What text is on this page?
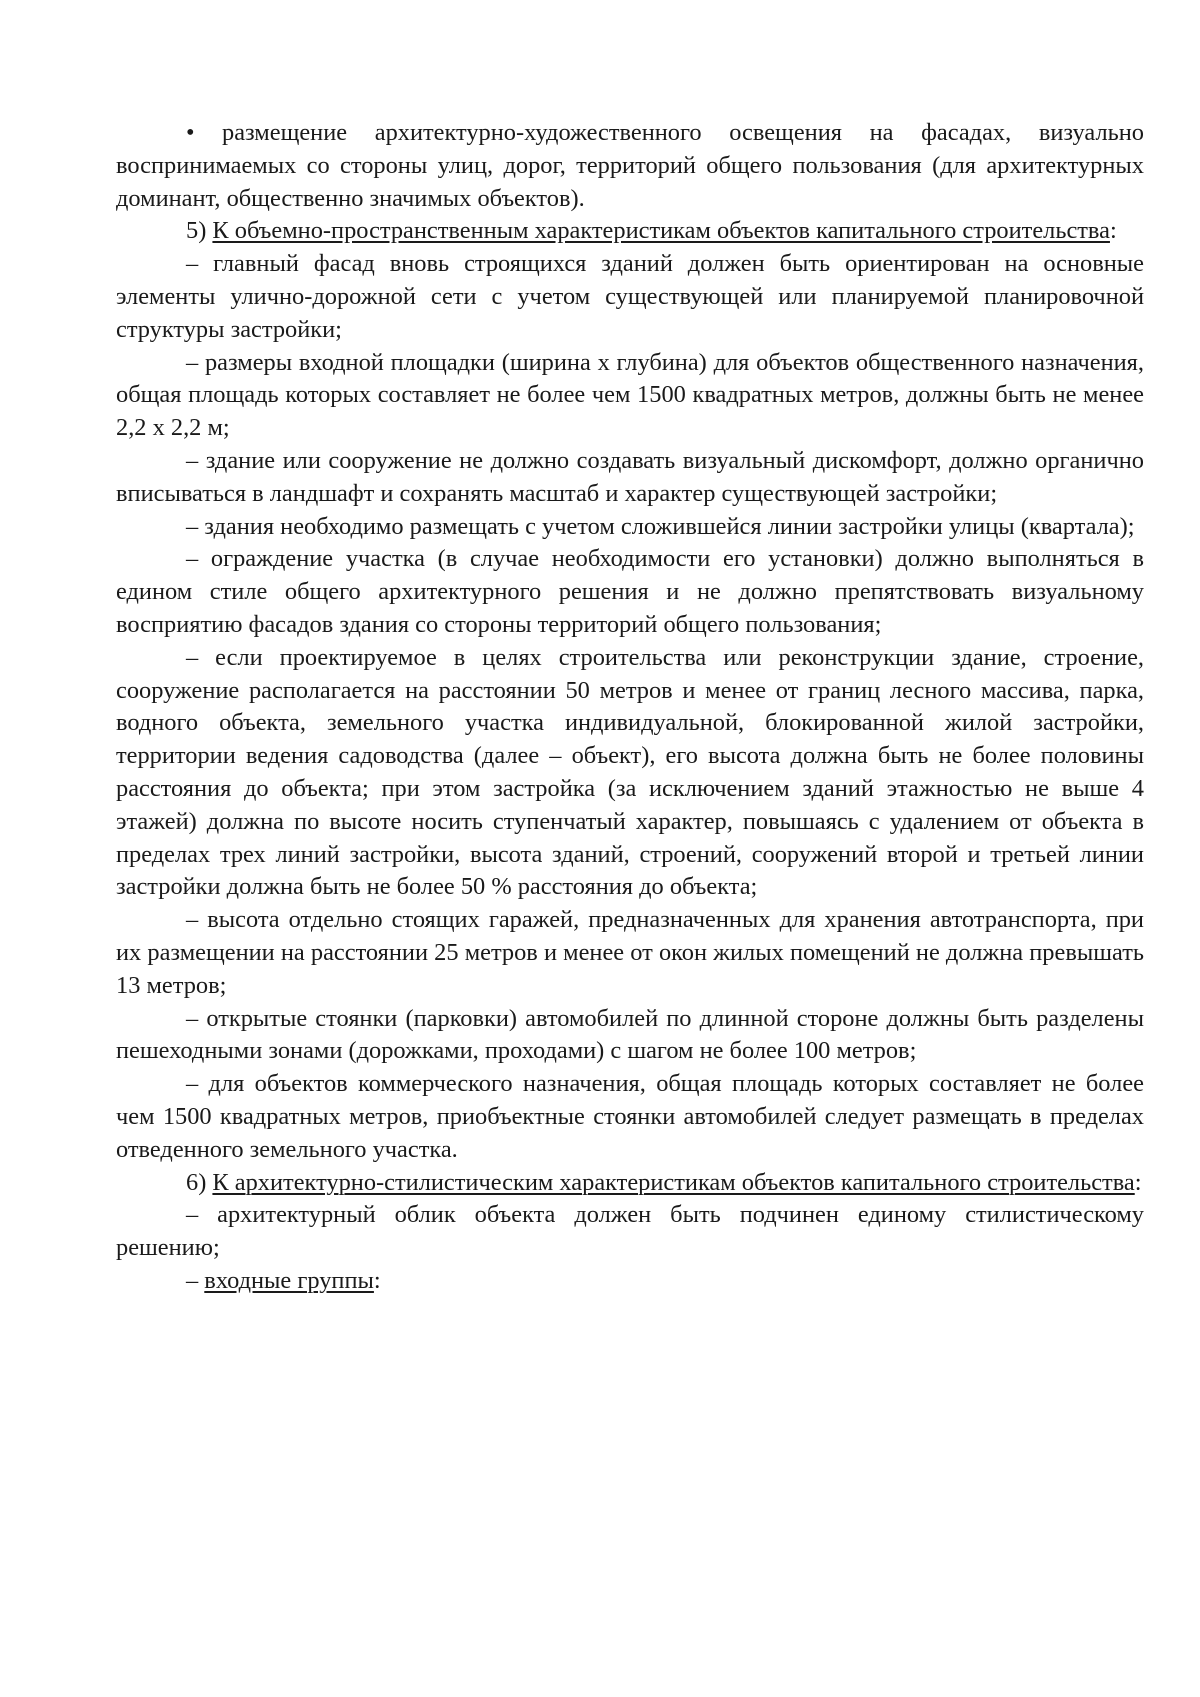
• размещение архитектурно-художественного освещения на фасадах, визуально воспринимаемых со стороны улиц, дорог, территорий общего пользования (для архитектурных доминант, общественно значимых объектов).

5) К объемно-пространственным характеристикам объектов капитального строительства:

– главный фасад вновь строящихся зданий должен быть ориентирован на основные элементы улично-дорожной сети с учетом существующей или планируемой планировочной структуры застройки;

– размеры входной площадки (ширина х глубина) для объектов общественного назначения, общая площадь которых составляет не более чем 1500 квадратных метров, должны быть не менее 2,2 х 2,2 м;

– здание или сооружение не должно создавать визуальный дискомфорт, должно органично вписываться в ландшафт и сохранять масштаб и характер существующей застройки;

– здания необходимо размещать с учетом сложившейся линии застройки улицы (квартала);

– ограждение участка (в случае необходимости его установки) должно выполняться в едином стиле общего архитектурного решения и не должно препятствовать визуальному восприятию фасадов здания со стороны территорий общего пользования;

– если проектируемое в целях строительства или реконструкции здание, строение, сооружение располагается на расстоянии 50 метров и менее от границ лесного массива, парка, водного объекта, земельного участка индивидуальной, блокированной жилой застройки, территории ведения садоводства (далее – объект), его высота должна быть не более половины расстояния до объекта; при этом застройка (за исключением зданий этажностью не выше 4 этажей) должна по высоте носить ступенчатый характер, повышаясь с удалением от объекта в пределах трех линий застройки, высота зданий, строений, сооружений второй и третьей линии застройки должна быть не более 50 % расстояния до объекта;

– высота отдельно стоящих гаражей, предназначенных для хранения автотранспорта, при их размещении на расстоянии 25 метров и менее от окон жилых помещений не должна превышать 13 метров;

– открытые стоянки (парковки) автомобилей по длинной стороне должны быть разделены пешеходными зонами (дорожками, проходами) с шагом не более 100 метров;

– для объектов коммерческого назначения, общая площадь которых составляет не более чем 1500 квадратных метров, приобъектные стоянки автомобилей следует размещать в пределах отведенного земельного участка.

6) К архитектурно-стилистическим характеристикам объектов капитального строительства:

– архитектурный облик объекта должен быть подчинен единому стилистическому решению;

– входные группы:
